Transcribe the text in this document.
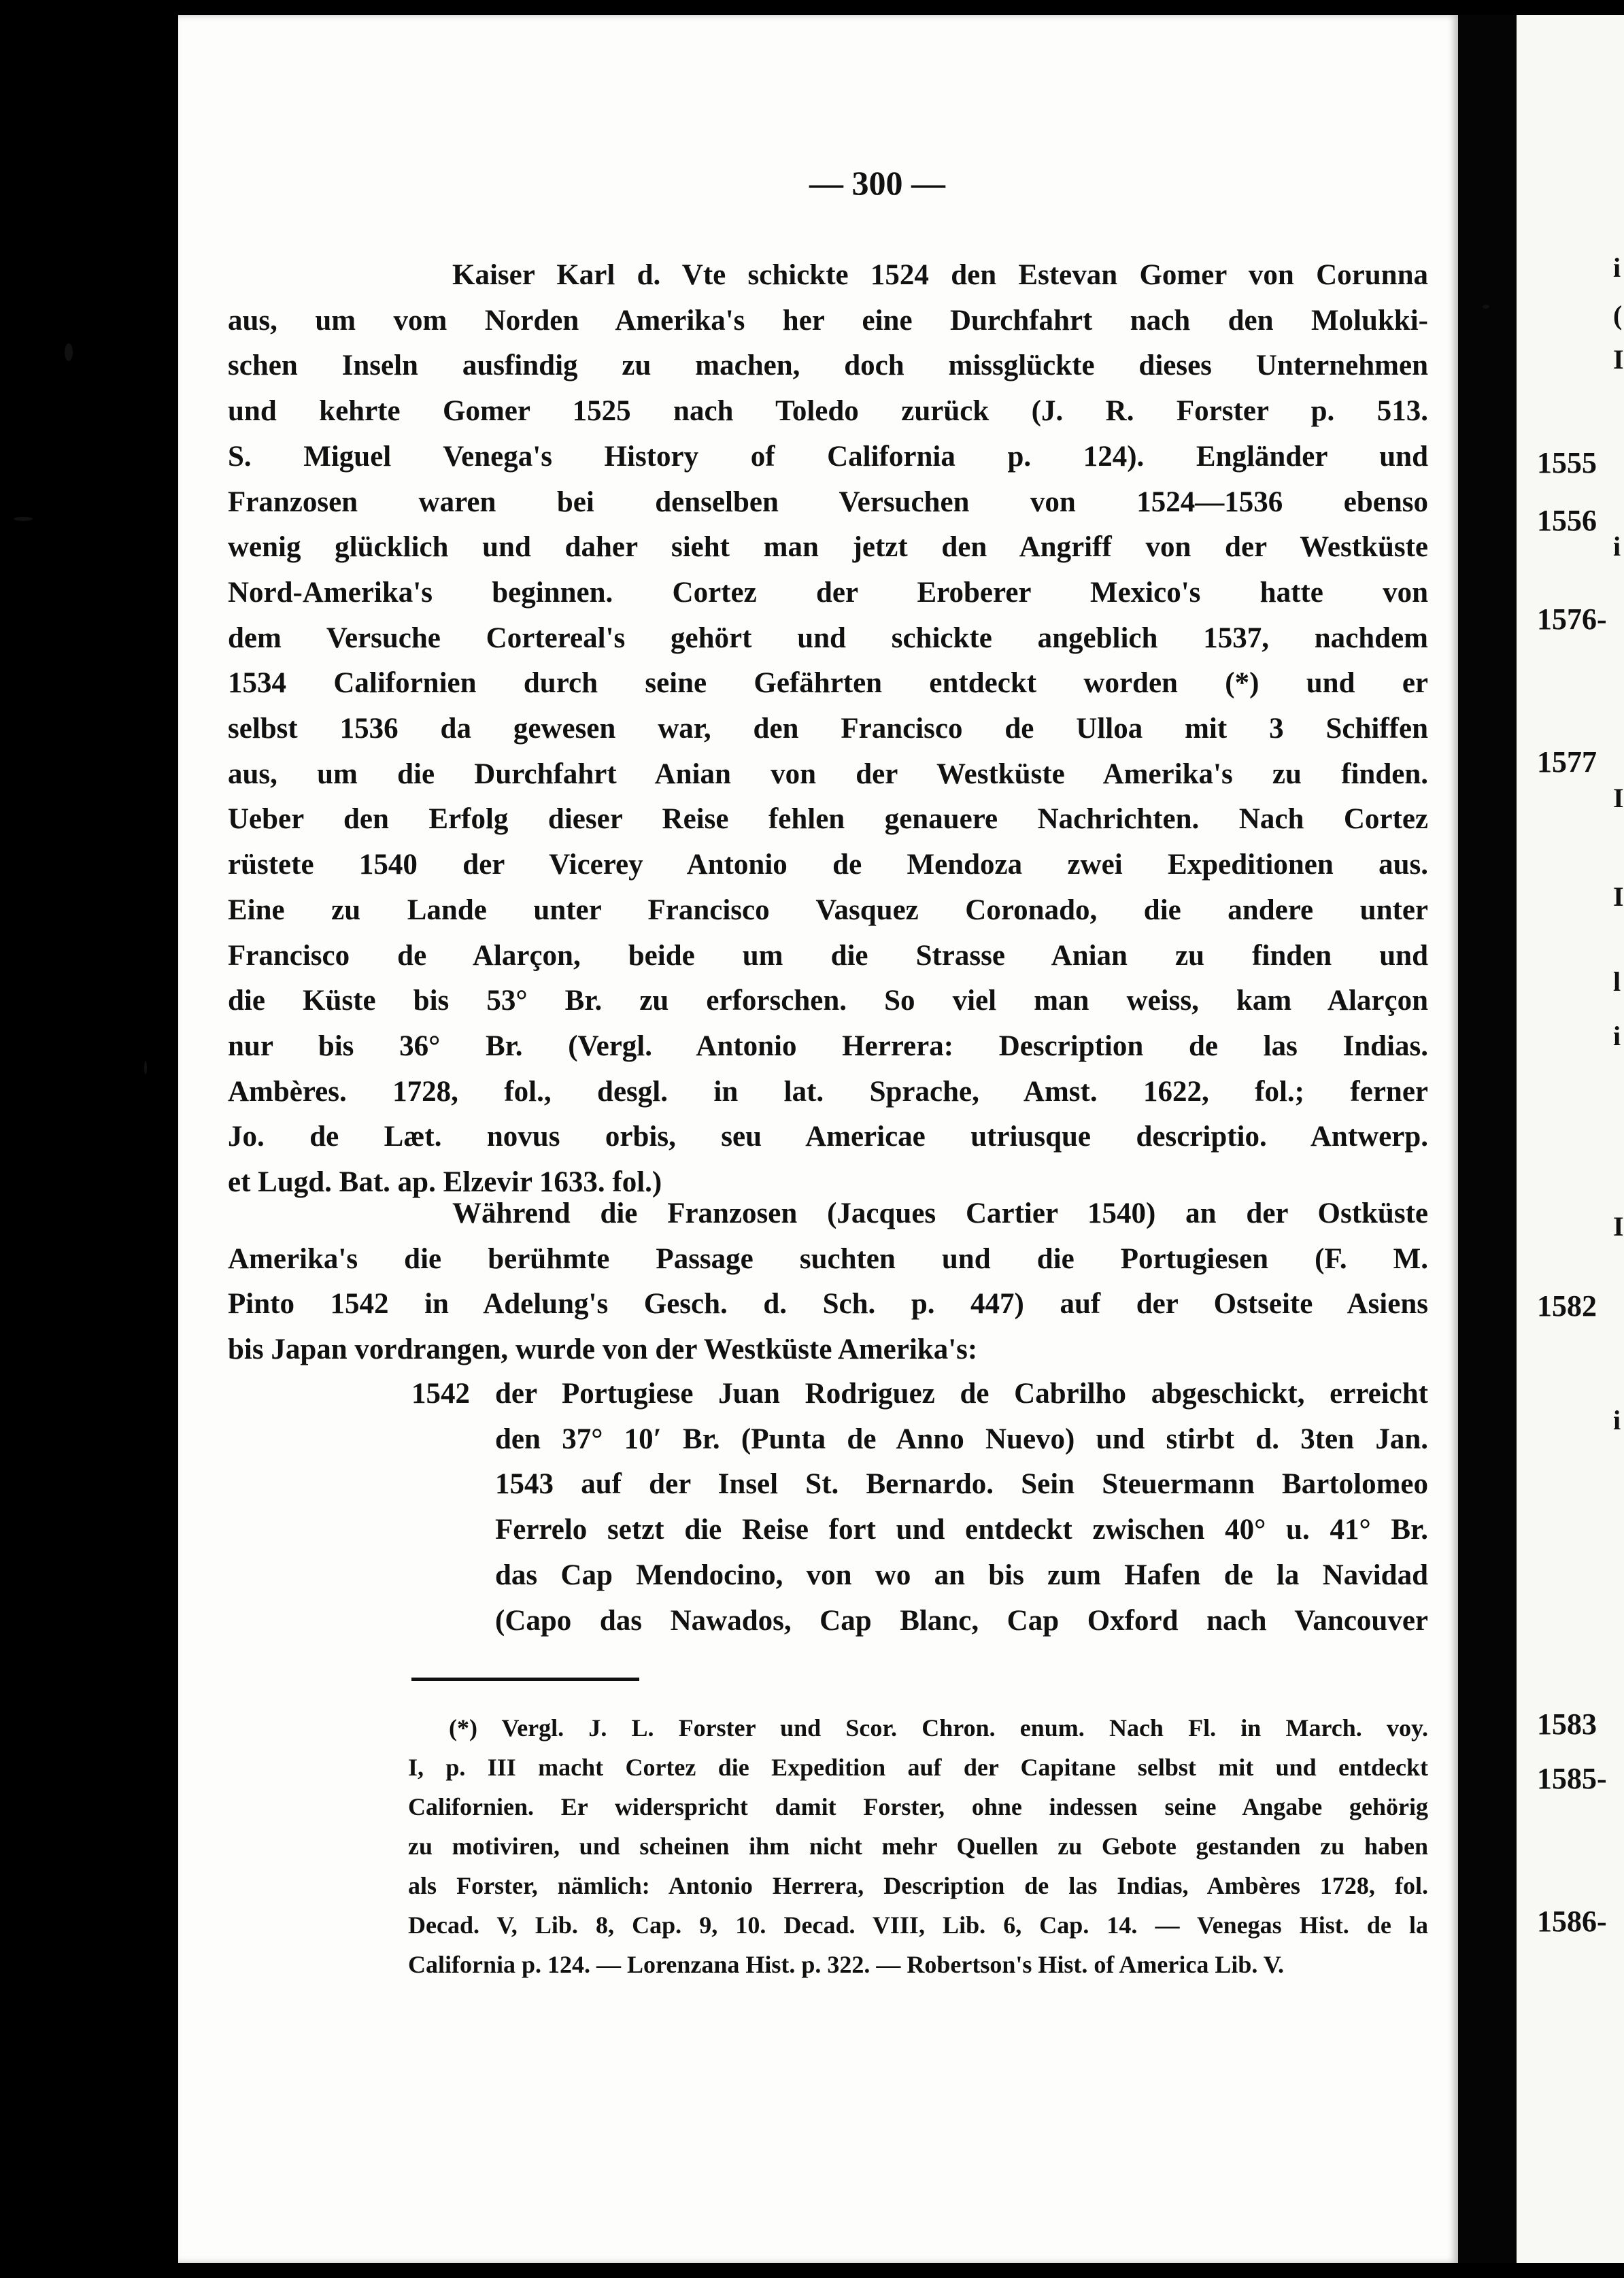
— 300 —
Kaiser Karl d. Vte schickte 1524 den Estevan Gomer von Corunna
aus, um vom Norden Amerika's her eine Durchfahrt nach den Molukki-
schen Inseln ausfindig zu machen, doch missglückte dieses Unternehmen
und kehrte Gomer 1525 nach Toledo zurück (J. R. Forster p. 513.
S. Miguel Venega's History of California p. 124). Engländer und
Franzosen waren bei denselben Versuchen von 1524—1536 ebenso
wenig glücklich und daher sieht man jetzt den Angriff von der Westküste
Nord-Amerika's beginnen. Cortez der Eroberer Mexico's hatte von
dem Versuche Cortereal's gehört und schickte angeblich 1537, nachdem
1534 Californien durch seine Gefährten entdeckt worden (*) und er
selbst 1536 da gewesen war, den Francisco de Ulloa mit 3 Schiffen
aus, um die Durchfahrt Anian von der Westküste Amerika's zu finden.
Ueber den Erfolg dieser Reise fehlen genauere Nachrichten. Nach Cortez
rüstete 1540 der Vicerey Antonio de Mendoza zwei Expeditionen aus.
Eine zu Lande unter Francisco Vasquez Coronado, die andere unter
Francisco de Alarçon, beide um die Strasse Anian zu finden und
die Küste bis 53° Br. zu erforschen. So viel man weiss, kam Alarçon
nur bis 36° Br. (Vergl. Antonio Herrera: Description de las Indias.
Ambères. 1728, fol., desgl. in lat. Sprache, Amst. 1622, fol.; ferner
Jo. de Læt. novus orbis, seu Americae utriusque descriptio. Antwerp.
et Lugd. Bat. ap. Elzevir 1633. fol.)
Während die Franzosen (Jacques Cartier 1540) an der Ostküste
Amerika's die berühmte Passage suchten und die Portugiesen (F. M.
Pinto 1542 in Adelung's Gesch. d. Sch. p. 447) auf der Ostseite Asiens
bis Japan vordrangen, wurde von der Westküste Amerika's:
1542 der Portugiese Juan Rodriguez de Cabrilho abgeschickt, erreicht
den 37° 10′ Br. (Punta de Anno Nuevo) und stirbt d. 3ten Jan.
1543 auf der Insel St. Bernardo. Sein Steuermann Bartolomeo
Ferrelo setzt die Reise fort und entdeckt zwischen 40° u. 41° Br.
das Cap Mendocino, von wo an bis zum Hafen de la Navidad
(Capo das Nawados, Cap Blanc, Cap Oxford nach Vancouver
(*) Vergl. J. L. Forster und Scor. Chron. enum. Nach Fl. in March. voy.
I, p. III macht Cortez die Expedition auf der Capitane selbst mit und entdeckt
Californien. Er widerspricht damit Forster, ohne indessen seine Angabe gehörig
zu motiviren, und scheinen ihm nicht mehr Quellen zu Gebote gestanden zu haben
als Forster, nämlich: Antonio Herrera, Description de las Indias, Ambères 1728, fol.
Decad. V, Lib. 8, Cap. 9, 10. Decad. VIII, Lib. 6, Cap. 14. — Venegas Hist. de la
California p. 124. — Lorenzana Hist. p. 322. — Robertson's Hist. of America Lib. V.
1555
1556
1576-
1577
1582
1583
1585-
1586-
i
(
I
i
I
I
l
i
i
I
